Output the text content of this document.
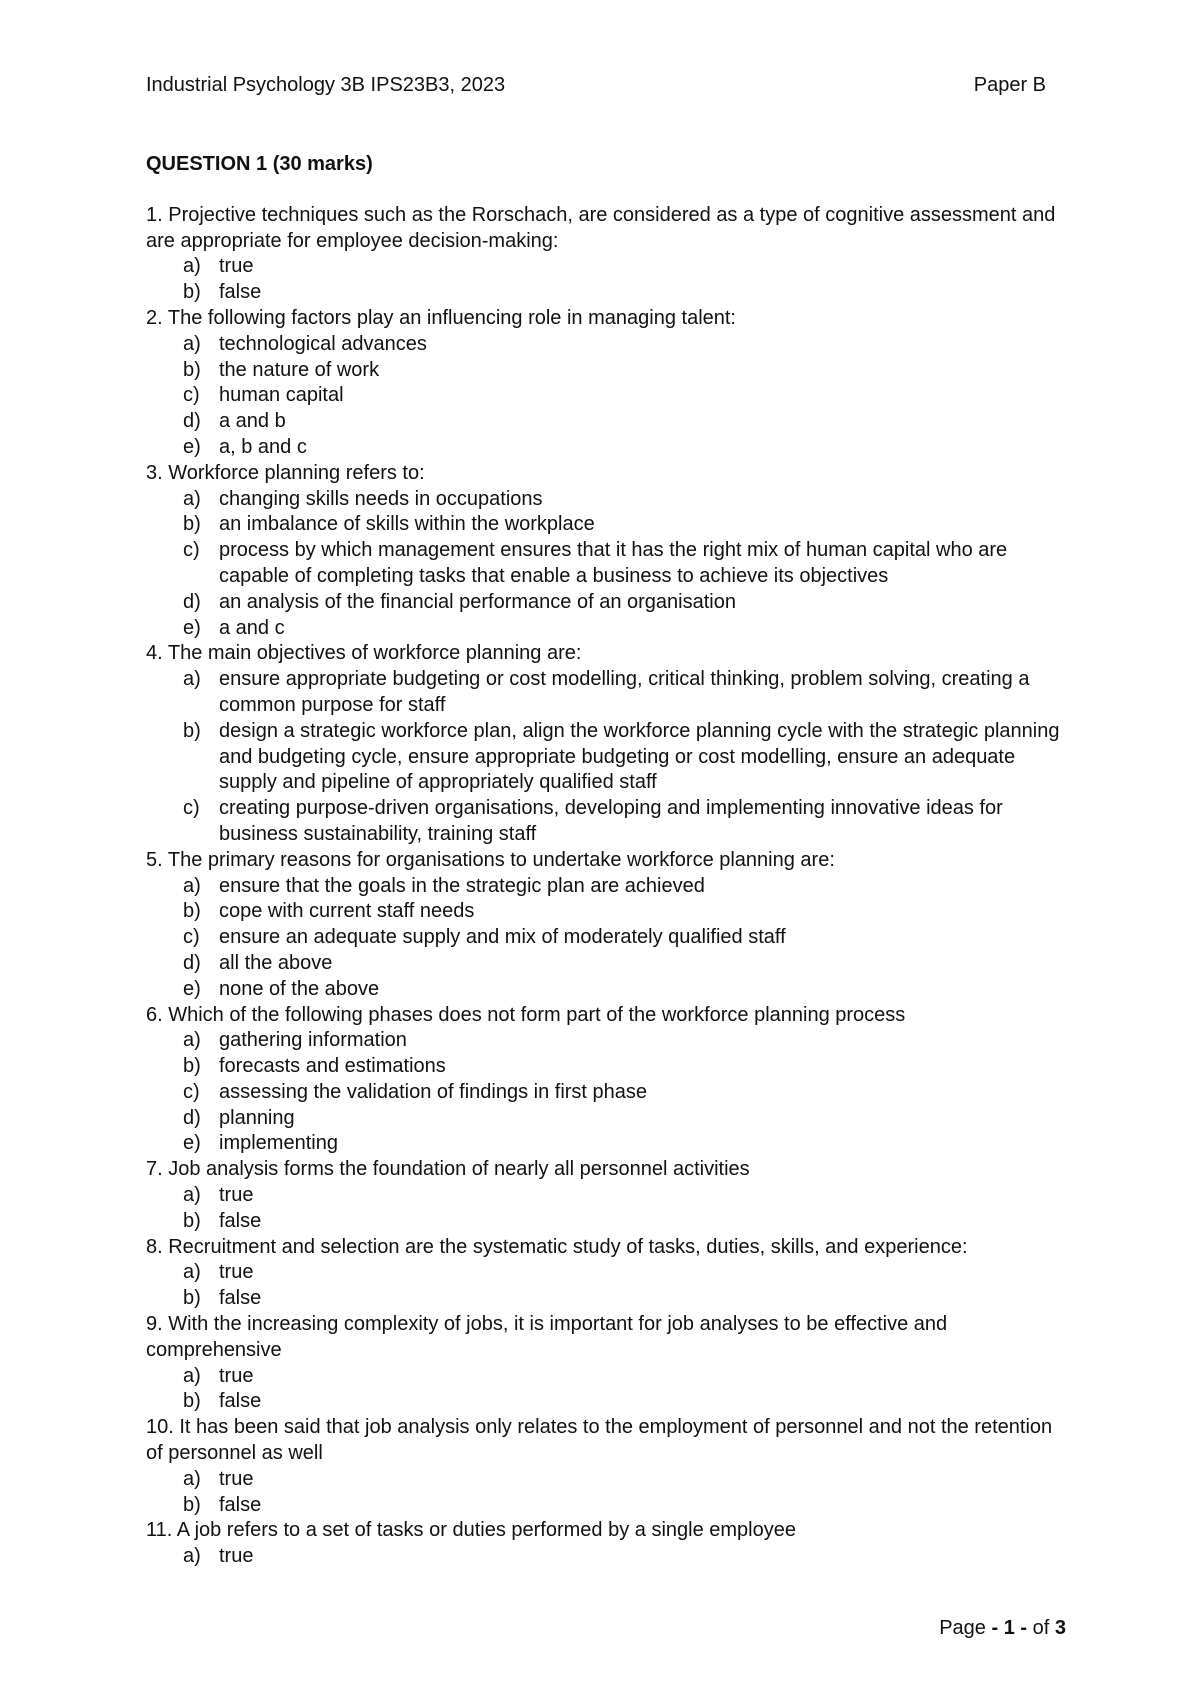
Industrial Psychology 3B IPS23B3, 2023	Paper B

QUESTION 1 (30 marks)

1. Projective techniques such as the Rorschach, are considered as a type of cognitive assessment and are appropriate for employee decision-making:

a) true
b) false

2. The following factors play an influencing role in managing talent:

a) technological advances
b) the nature of work
c) human capital
d) a and b
e) a, b and c

3. Workforce planning refers to:

a) changing skills needs in occupations
b) an imbalance of skills within the workplace
c) process by which management ensures that it has the right mix of human capital who are capable of completing tasks that enable a business to achieve its objectives
d) an analysis of the financial performance of an organisation
e) a and c

4. The main objectives of workforce planning are:

a) ensure appropriate budgeting or cost modelling, critical thinking, problem solving, creating a common purpose for staff
b) design a strategic workforce plan, align the workforce planning cycle with the strategic planning and budgeting cycle, ensure appropriate budgeting or cost modelling, ensure an adequate supply and pipeline of appropriately qualified staff
c) creating purpose-driven organisations, developing and implementing innovative ideas for business sustainability, training staff

5. The primary reasons for organisations to undertake workforce planning are:

a) ensure that the goals in the strategic plan are achieved
b) cope with current staff needs
c) ensure an adequate supply and mix of moderately qualified staff
d) all the above
e) none of the above

6. Which of the following phases does not form part of the workforce planning process

a) gathering information
b) forecasts and estimations
c) assessing the validation of findings in first phase
d) planning
e) implementing

7. Job analysis forms the foundation of nearly all personnel activities

a) true
b) false

8. Recruitment and selection are the systematic study of tasks, duties, skills, and experience:

a) true
b) false

9. With the increasing complexity of jobs, it is important for job analyses to be effective and comprehensive

a) true
b) false

10. It has been said that job analysis only relates to the employment of personnel and not the retention of personnel as well

a) true
b) false

11. A job refers to a set of tasks or duties performed by a single employee

a) true
Page - 1 - of 3
